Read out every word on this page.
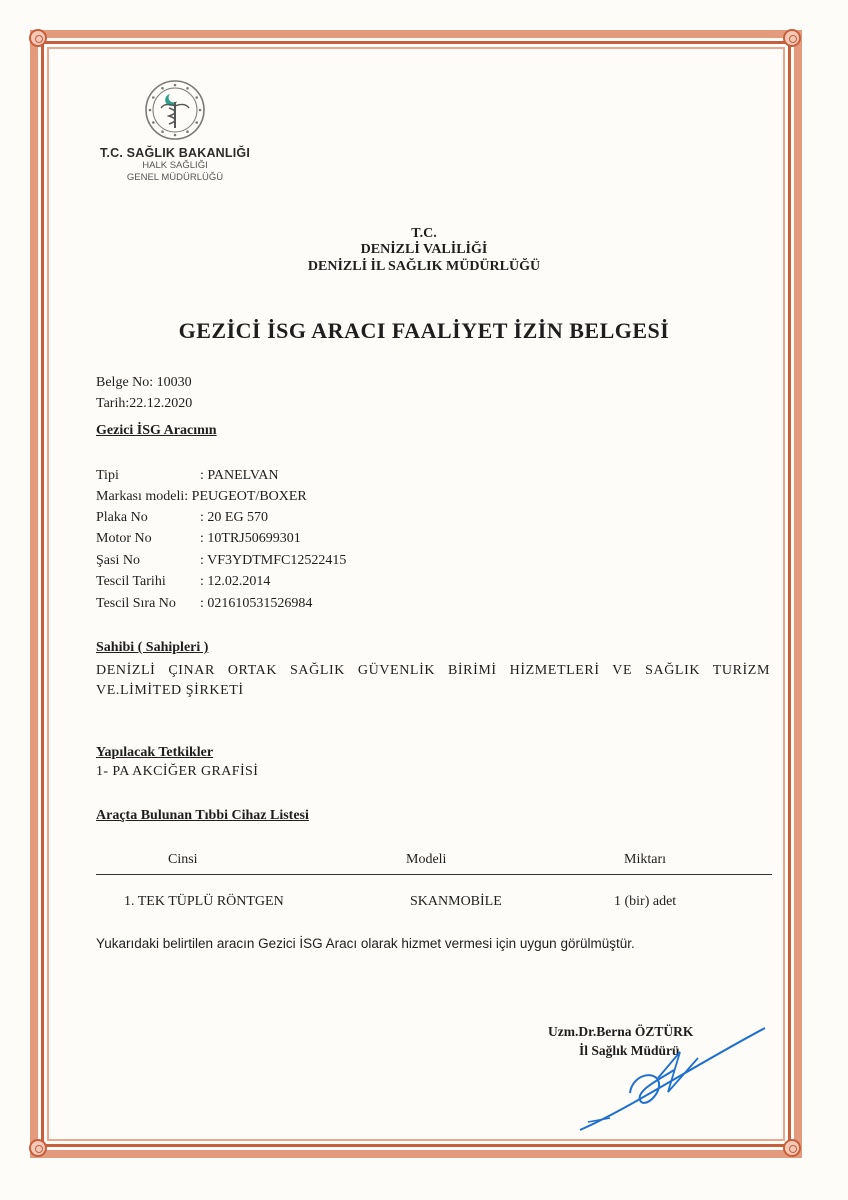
T.C. SAĞLIK BAKANLIĞI
HALK SAĞLIĞI
GENEL MÜDÜRLÜĞÜ
T.C.
DENİZLİ VALİLİĞİ
DENİZLİ İL SAĞLIK MÜDÜRLÜĞÜ
GEZİCİ İSG ARACI FAALİYET İZİN BELGESİ
Belge No: 10030
Tarih:22.12.2020
Gezici İSG Aracının
Tipi	: PANELVAN
Markası modeli: PEUGEOT/BOXER
Plaka No	: 20 EG 570
Motor No	: 10TRJ50699301
Şasi No	: VF3YDTMFC12522415
Tescil Tarihi : 12.02.2014
Tescil Sıra No : 021610531526984
Sahibi ( Sahipleri )
DENİZLİ ÇINAR ORTAK SAĞLIK GÜVENLİK BİRİMİ HİZMETLERİ VE SAĞLIK TURİZM VE.LİMİTED ŞİRKETİ
Yapılacak Tetkikler
1- PA AKCİĞER GRAFİSİ
Araçta Bulunan Tıbbi Cihaz Listesi
Cinsi	Modeli	Miktarı
1. TEK TÜPLÜ RÖNTGEN	SKANMOBİLE	1 (bir) adet
Yukarıdaki belirtilen aracın Gezici İSG Aracı olarak hizmet vermesi için uygun görülmüştür.
Uzm.Dr.Berna ÖZTÜRK
İl Sağlık Müdürü
